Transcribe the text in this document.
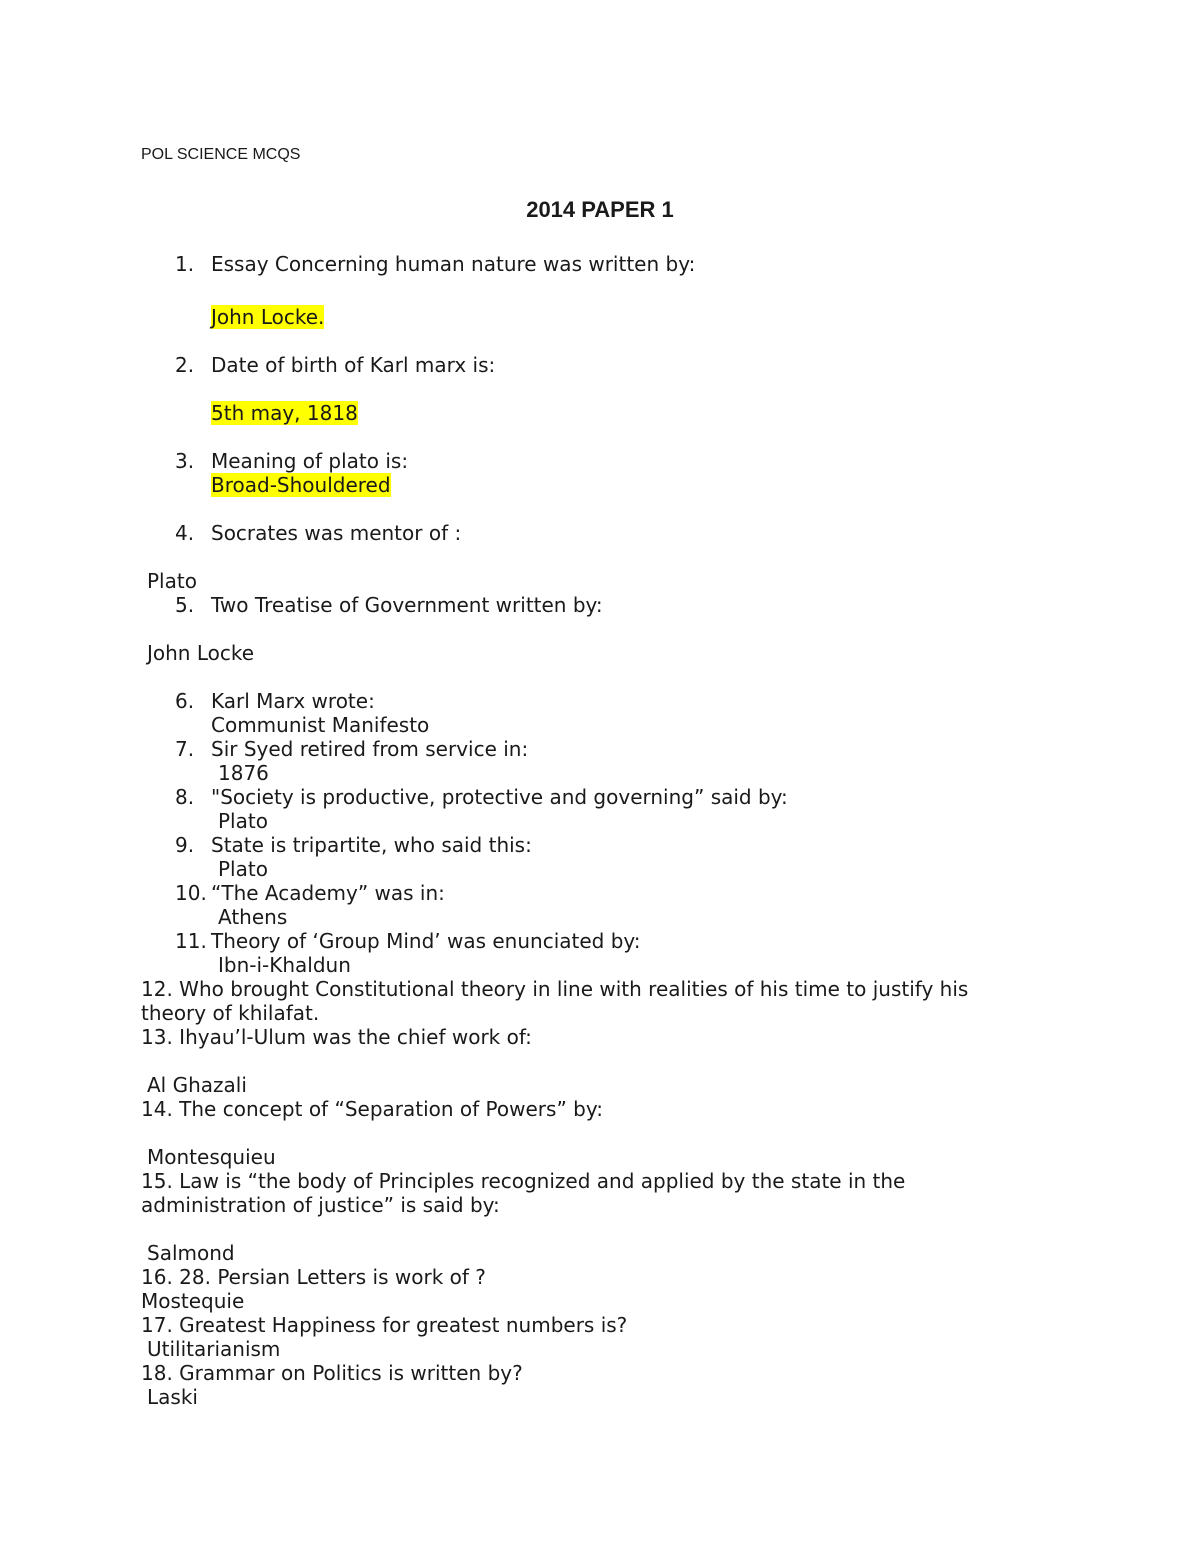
POL SCIENCE MCQS
2014 PAPER 1
1. Essay Concerning human nature was written by:
John Locke.
2. Date of birth of Karl marx is:
5th may, 1818
3. Meaning of plato is:
Broad-Shouldered
4. Socrates was mentor of :
Plato
5. Two Treatise of Government written by:
John Locke
6. Karl Marx wrote:
Communist Manifesto
7. Sir Syed retired from service in:
1876
8. "Society is productive, protective and governing” said by:
Plato
9. State is tripartite, who said this:
Plato
10. “The Academy” was in:
Athens
11. Theory of ‘Group Mind’ was enunciated by:
Ibn-i-Khaldun
12. Who brought Constitutional theory in line with realities of his time to justify his
theory of khilafat.
13. Ihyau’l-Ulum was the chief work of:
Al Ghazali
14. The concept of “Separation of Powers” by:
Montesquieu
15. Law is “the body of Principles recognized and applied by the state in the
administration of justice” is said by:
Salmond
16. 28. Persian Letters is work of ?
Mostequie
17. Greatest Happiness for greatest numbers is?
Utilitarianism
18. Grammar on Politics is written by?
Laski
